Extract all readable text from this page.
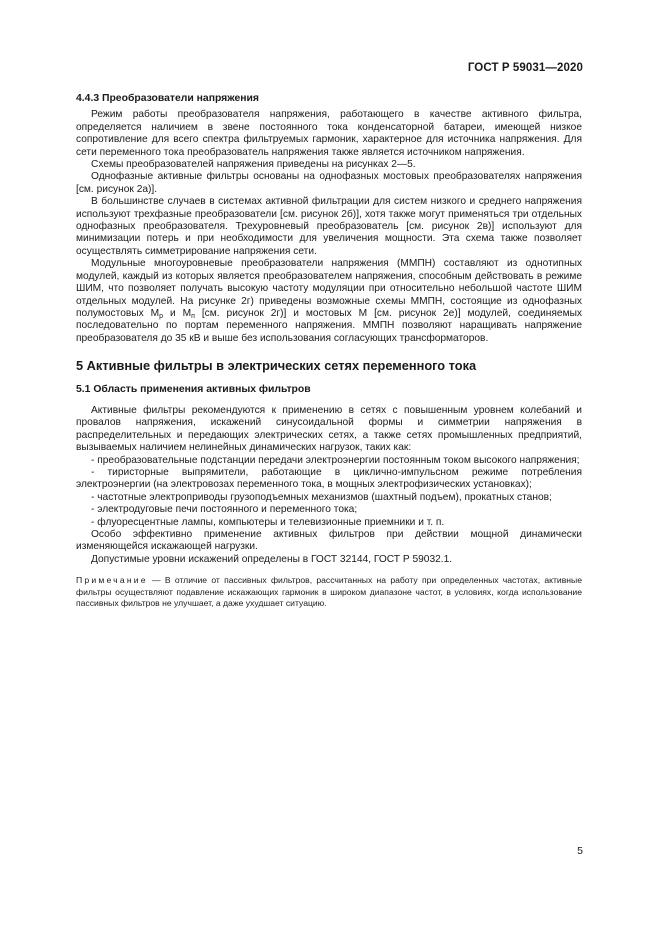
ГОСТ Р 59031—2020
4.4.3 Преобразователи напряжения

Режим работы преобразователя напряжения, работающего в качестве активного фильтра, определяется наличием в звене постоянного тока конденсаторной батареи, имеющей низкое сопротивление для всего спектра фильтруемых гармоник, характерное для источника напряжения. Для сети переменного тока преобразователь напряжения также является источником напряжения.

Схемы преобразователей напряжения приведены на рисунках 2—5.

Однофазные активные фильтры основаны на однофазных мостовых преобразователях напряжения [см. рисунок 2а)].

В большинстве случаев в системах активной фильтрации для систем низкого и среднего напряжения используют трехфазные преобразователи [см. рисунок 2б)], хотя также могут применяться три отдельных однофазных преобразователя. Трехуровневый преобразователь [см. рисунок 2в)] используют для минимизации потерь и при необходимости для увеличения мощности. Эта схема также позволяет осуществлять симметрирование напряжения сети.

Модульные многоуровневые преобразователи напряжения (ММПН) составляют из однотипных модулей, каждый из которых является преобразователем напряжения, способным действовать в режиме ШИМ, что позволяет получать высокую частоту модуляции при относительно небольшой частоте ШИМ отдельных модулей. На рисунке 2г) приведены возможные схемы ММПН, состоящие из однофазных полумостовых $М_р$ и $М_п$ [см. рисунок 2г)] и мостовых М [см. рисунок 2е)] модулей, соединяемых последовательно по портам переменного напряжения. ММПН позволяют наращивать напряжение преобразователя до 35 кВ и выше без использования согласующих трансформаторов.

5 Активные фильтры в электрических сетях переменного тока
5.1 Область применения активных фильтров

Активные фильтры рекомендуются к применению в сетях с повышенным уровнем колебаний и провалов напряжения, искажений синусоидальной формы и симметрии напряжения в распределительных и передающих электрических сетях, а также сетях промышленных предприятий, вызываемых наличием нелинейных динамических нагрузок, таких как:

- преобразовательные подстанции передачи электроэнергии постоянным током высокого напряжения;

- тиристорные выпрямители, работающие в циклично-импульсном режиме потребления электроэнергии (на электровозах переменного тока, в мощных электрофизических установках);

- частотные электроприводы грузоподъемных механизмов (шахтный подъем), прокатных станов;

- электродуговые печи постоянного и переменного тока;

- флуоресцентные лампы, компьютеры и телевизионные приемники и т. п.

Особо эффективно применение активных фильтров при действии мощной динамически изменяющейся искажающей нагрузки.

Допустимые уровни искажений определены в ГОСТ 32144, ГОСТ Р 59032.1.

Примечание — В отличие от пассивных фильтров, рассчитанных на работу при определенных частотах, активные фильтры осуществляют подавление искажающих гармоник в широком диапазоне частот, в условиях, когда использование пассивных фильтров не улучшает, а даже ухудшает ситуацию.

5
